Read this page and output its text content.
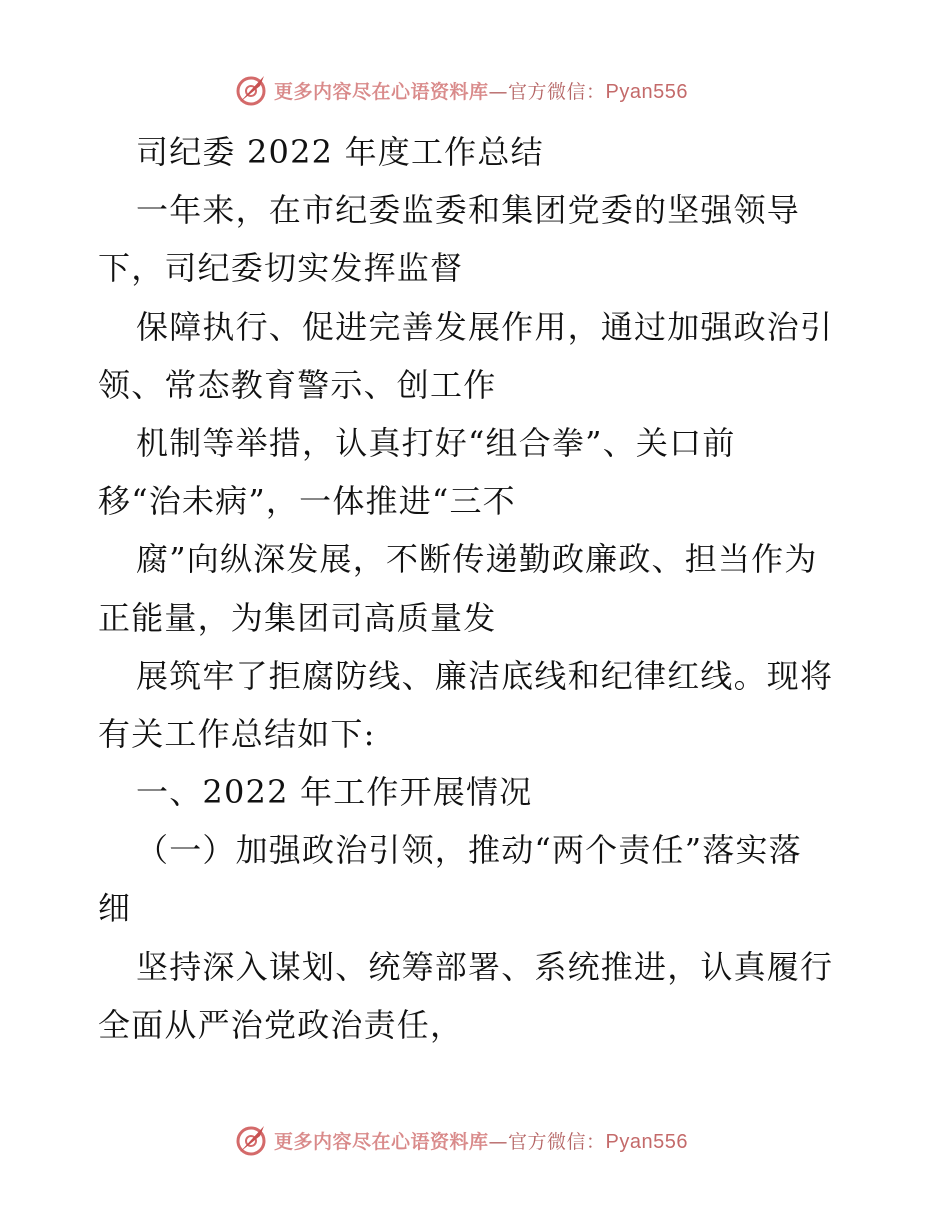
更多内容尽在心语资料库—官方微信：Pyan556
司纪委 2022 年度工作总结
一年来，在市纪委监委和集团党委的坚强领导
下，司纪委切实发挥监督
保障执行、促进完善发展作用，通过加强政治引
领、常态教育警示、创工作
机制等举措，认真打好“组合拳”、关口前
移“治未病”，一体推进“三不
腐”向纵深发展，不断传递勤政廉政、担当作为
正能量，为集团司高质量发
展筑牢了拒腐防线、廉洁底线和纪律红线。现将
有关工作总结如下:
一、2022 年工作开展情况
（一）加强政治引领，推动“两个责任”落实落
细
坚持深入谋划、统筹部署、系统推进，认真履行
全面从严治党政治责任，
更多内容尽在心语资料库—官方微信：Pyan556
